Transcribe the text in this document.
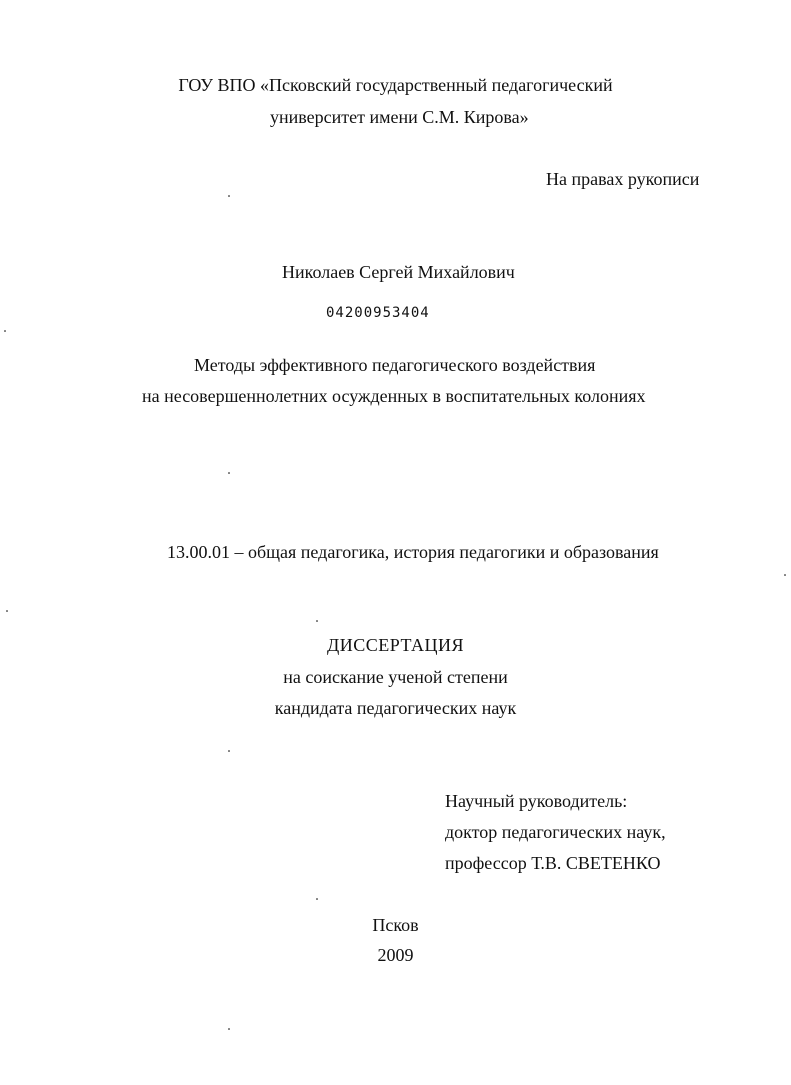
ГОУ ВПО «Псковский государственный педагогический
университет имени С.М. Кирова»
На правах рукописи
Николаев Сергей Михайлович
04200953404
Методы эффективного педагогического воздействия
на несовершеннолетних осужденных в воспитательных колониях
13.00.01 – общая педагогика, история педагогики и образования
ДИССЕРТАЦИЯ
на соискание ученой степени
кандидата педагогических наук
Научный руководитель:
доктор педагогических наук,
профессор Т.В. СВЕТЕНКО
Псков
2009
